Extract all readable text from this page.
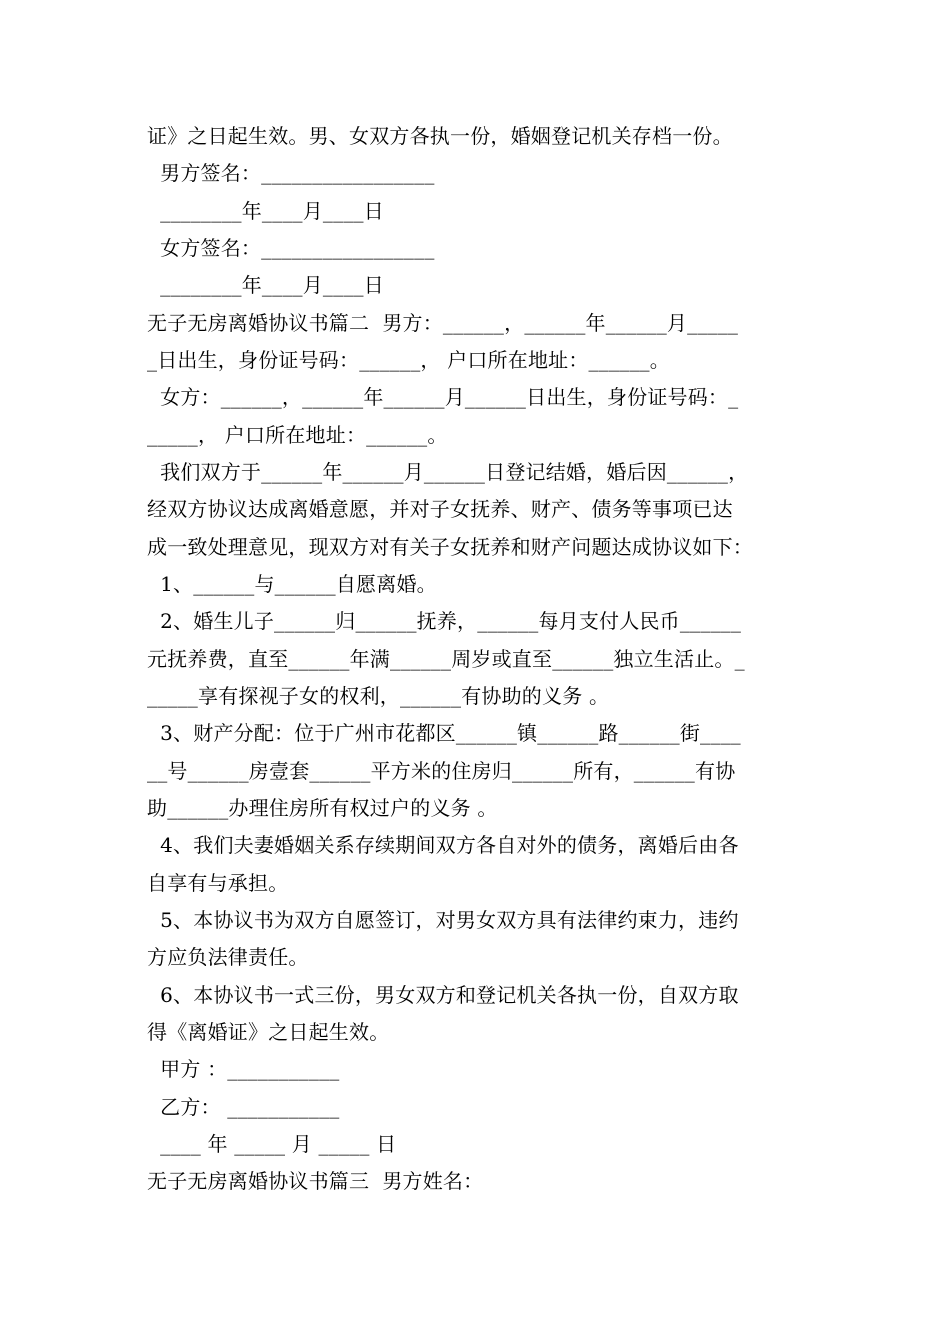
证》之日起生效。男、女双方各执一份，婚姻登记机关存档一份。
男方签名：_________________
________年____月____日
女方签名：_________________
________年____月____日
无子无房离婚协议书篇二  男方：______，______年______月_____
_日出生，身份证号码：______， 户口所在地址：______。
女方：______，______年______月______日出生，身份证号码：_
_____， 户口所在地址：______。
我们双方于______年______月______日登记结婚，婚后因______，
经双方协议达成离婚意愿，并对子女抚养、财产、债务等事项已达
成一致处理意见，现双方对有关子女抚养和财产问题达成协议如下：
1、______与______自愿离婚。
2、婚生儿子______归______抚养，______每月支付人民币______
元抚养费，直至______年满______周岁或直至______独立生活止。_
_____享有探视子女的权利，______有协助的义务 。
3、财产分配：位于广州市花都区______镇______路______街____
__号______房壹套______平方米的住房归______所有，______有协
助______办理住房所有权过户的义务 。
4、我们夫妻婚姻关系存续期间双方各自对外的债务，离婚后由各
自享有与承担。
5、本协议书为双方自愿签订，对男女双方具有法律约束力，违约
方应负法律责任。
6、本协议书一式三份，男女双方和登记机关各执一份，自双方取
得《离婚证》之日起生效。
甲方 ：___________
乙方： ___________
____ 年 _____ 月 _____ 日
无子无房离婚协议书篇三  男方姓名：
